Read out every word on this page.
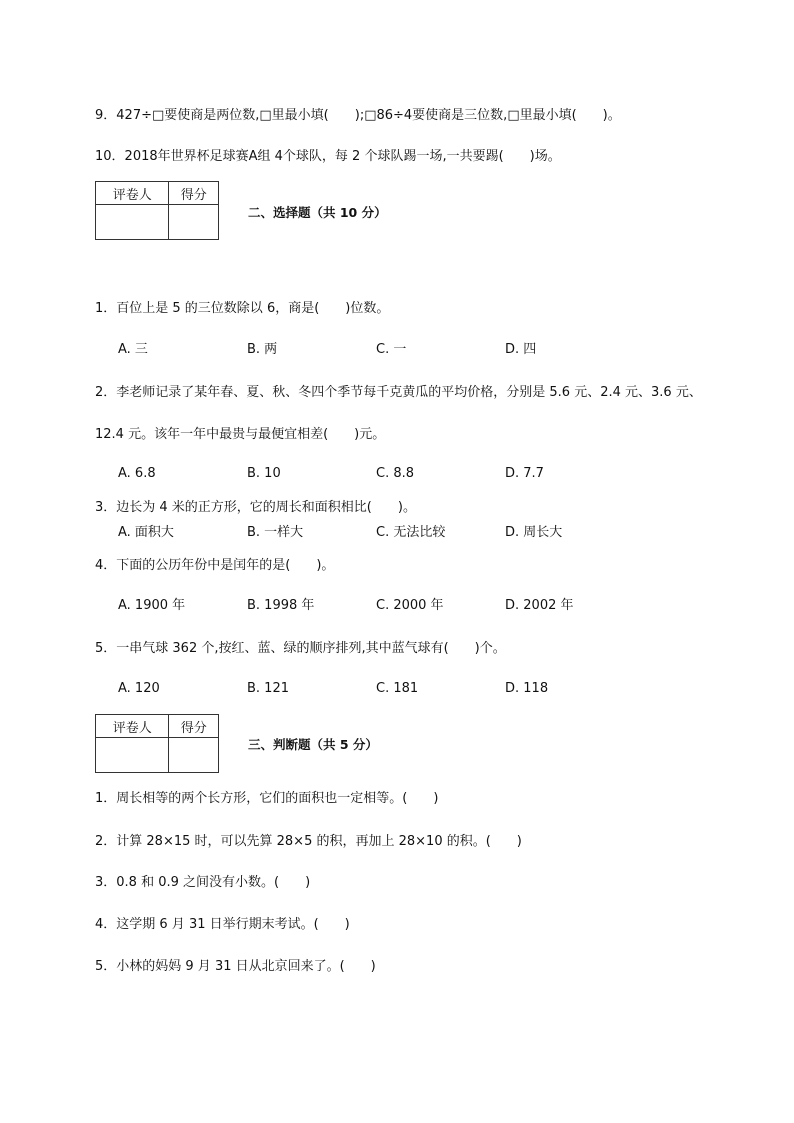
9．427÷□要使商是两位数,□里最小填(　　);□86÷4要使商是三位数,□里最小填(　　)。
10．2018年世界杯足球赛A组 4个球队，每 2 个球队踢一场,一共要踢(　　)场。
评卷人	得分

二、选择题（共 10 分）
1．百位上是 5 的三位数除以 6，商是(　　)位数。
A. 三	B. 两	C. 一	D. 四
2．李老师记录了某年春、夏、秋、冬四个季节每千克黄瓜的平均价格，分别是 5.6 元、2.4 元、3.6 元、
12.4 元。该年一年中最贵与最便宜相差(　　)元。
A. 6.8	B. 10	C. 8.8	D. 7.7
3．边长为 4 米的正方形，它的周长和面积相比(　　)。
A. 面积大	B. 一样大	C. 无法比较	D. 周长大
4．下面的公历年份中是闰年的是(　　)。
A. 1900 年	B. 1998 年	C. 2000 年	D. 2002 年
5．一串气球 362 个,按红、蓝、绿的顺序排列,其中蓝气球有(　　)个。
A. 120	B. 121	C. 181	D. 118
评卷人	得分

三、判断题（共 5 分）
1．周长相等的两个长方形，它们的面积也一定相等。(　　)
2．计算 28×15 时，可以先算 28×5 的积，再加上 28×10 的积。(　　)
3．0.8 和 0.9 之间没有小数。(　　)
4．这学期 6 月 31 日举行期末考试。(　　)
5．小林的妈妈 9 月 31 日从北京回来了。(　　)
